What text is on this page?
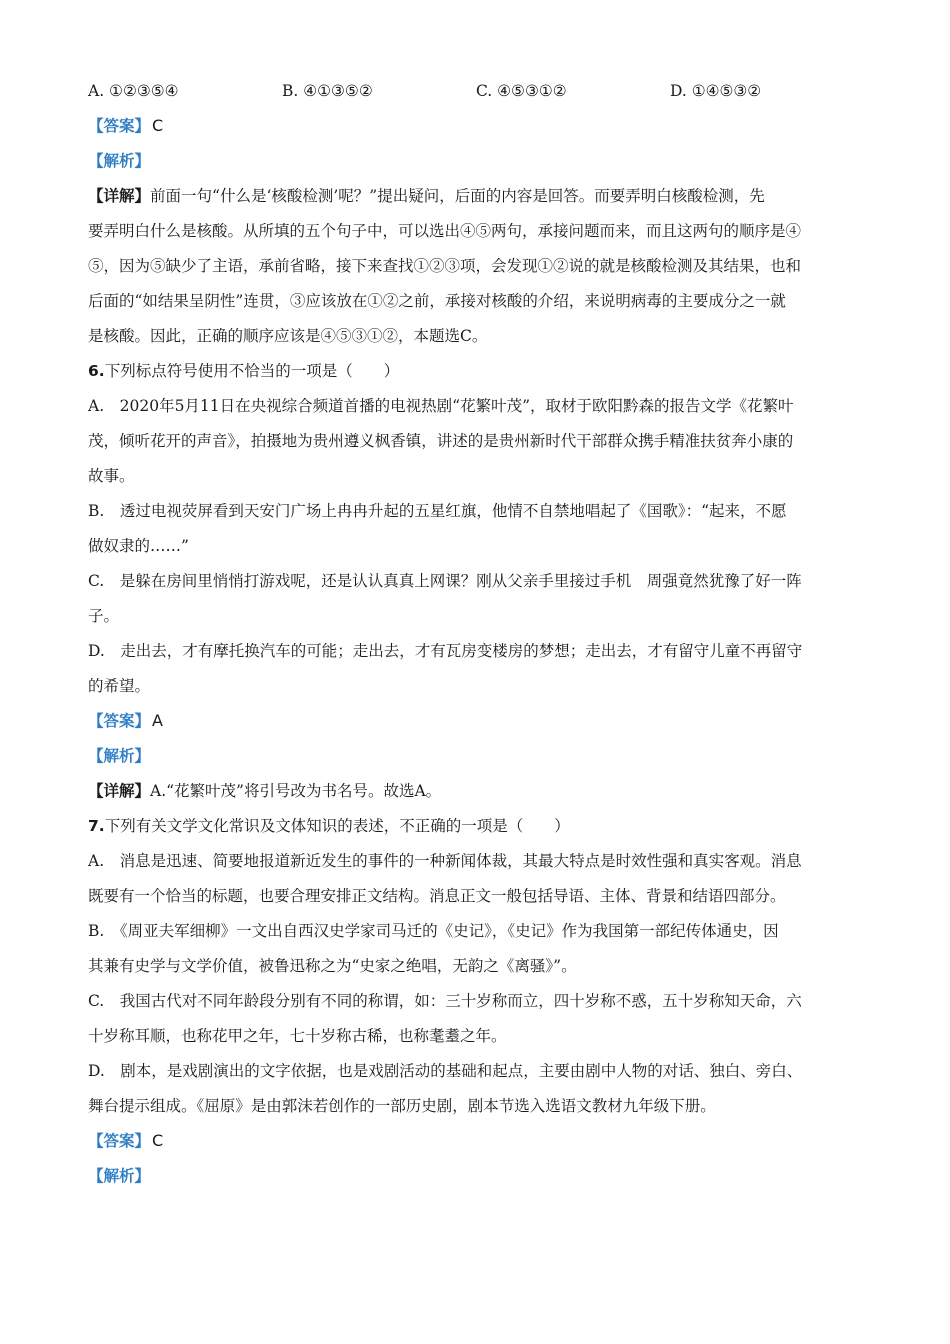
A. ①②③⑤④	B. ④①③⑤②	C. ④⑤③①②	D. ①④⑤③②
【答案】 C
【解析】
【详解】前面一句“什么是‘核酸检测’呢？”提出疑问，后面的内容是回答。而要弄明白核酸检测，先
要弄明白什么是核酸。从所填的五个句子中，可以选出④⑤两句，承接问题而来，而且这两句的顺序是④
⑤，因为⑤缺少了主语，承前省略，接下来查找①②③项，会发现①②说的就是核酸检测及其结果，也和
后面的“如结果呈阴性”连贯，③应该放在①②之前，承接对核酸的介绍，来说明病毒的主要成分之一就
是核酸。因此，正确的顺序应该是④⑤③①②，本题选C。
6.下列标点符号使用不恰当的一项是（　　）
A.　2020年5月11日在央视综合频道首播的电视热剧“花繁叶茂”，取材于欧阳黔森的报告文学《花繁叶
茂，倾听花开的声音》，拍摄地为贵州遵义枫香镇，讲述的是贵州新时代干部群众携手精准扶贫奔小康的
故事。
B.　透过电视荧屏看到天安门广场上冉冉升起的五星红旗，他情不自禁地唱起了《国歌》：“起来，不愿
做奴隶的……”
C.　是躲在房间里悄悄打游戏呢，还是认认真真上网课？刚从父亲手里接过手机　周强竟然犹豫了好一阵
子。
D.　走出去，才有摩托换汽车的可能；走出去，才有瓦房变楼房的梦想；走出去，才有留守儿童不再留守
的希望。
【答案】 A
【解析】
【详解】A.“花繁叶茂”将引号改为书名号。故选A。
7.下列有关文学文化常识及文体知识的表述，不正确的一项是（　　）
A.　消息是迅速、简要地报道新近发生的事件的一种新闻体裁，其最大特点是时效性强和真实客观。消息
既要有一个恰当的标题，也要合理安排正文结构。消息正文一般包括导语、主体、背景和结语四部分。
B.　《周亚夫军细柳》一文出自西汉史学家司马迁的《史记》，《史记》作为我国第一部纪传体通史，因
其兼有史学与文学价值，被鲁迅称之为“史家之绝唱，无韵之《离骚》”。
C.　我国古代对不同年龄段分别有不同的称谓，如：三十岁称而立，四十岁称不惑，五十岁称知天命，六
十岁称耳顺，也称花甲之年，七十岁称古稀，也称耄耋之年。
D.　剧本，是戏剧演出的文字依据，也是戏剧活动的基础和起点，主要由剧中人物的对话、独白、旁白、
舞台提示组成。《屈原》是由郭沫若创作的一部历史剧，剧本节选入选语文教材九年级下册。
【答案】 C
【解析】
